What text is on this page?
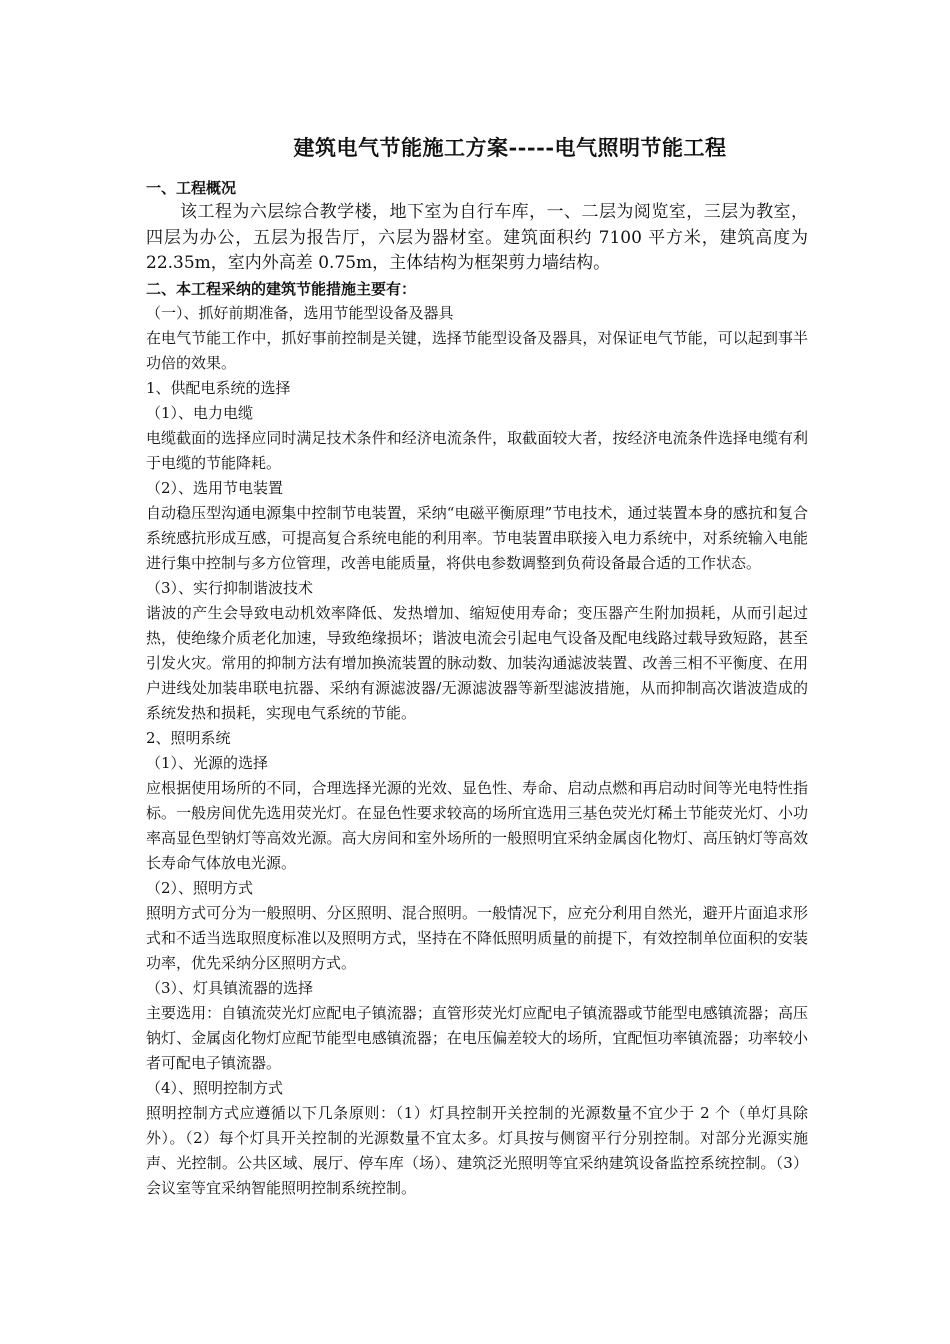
建筑电气节能施工方案-----电气照明节能工程

一、工程概况

该工程为六层综合教学楼，地下室为自行车库，一、二层为阅览室，三层为教室，四层为办公，五层为报告厅，六层为器材室。建筑面积约 7100 平方米，建筑高度为 22.35m，室内外高差 0.75m，主体结构为框架剪力墙结构。

二、本工程采纳的建筑节能措施主要有：

（一）、抓好前期准备，选用节能型设备及器具

在电气节能工作中，抓好事前控制是关键，选择节能型设备及器具，对保证电气节能，可以起到事半功倍的效果。

1、供配电系统的选择

（1）、电力电缆

电缆截面的选择应同时满足技术条件和经济电流条件，取截面较大者，按经济电流条件选择电缆有利于电缆的节能降耗。

（2）、选用节电装置

自动稳压型沟通电源集中控制节电装置，采纳“电磁平衡原理”节电技术，通过装置本身的感抗和复合系统感抗形成互感，可提高复合系统电能的利用率。节电装置串联接入电力系统中，对系统输入电能进行集中控制与多方位管理，改善电能质量，将供电参数调整到负荷设备最合适的工作状态。

（3）、实行抑制谐波技术

谐波的产生会导致电动机效率降低、发热增加、缩短使用寿命；变压器产生附加损耗，从而引起过热，使绝缘介质老化加速，导致绝缘损坏；谐波电流会引起电气设备及配电线路过载导致短路，甚至引发火灾。常用的抑制方法有增加换流装置的脉动数、加装沟通滤波装置、改善三相不平衡度、在用户进线处加装串联电抗器、采纳有源滤波器/无源滤波器等新型滤波措施，从而抑制高次谐波造成的系统发热和损耗，实现电气系统的节能。

2、照明系统

（1）、光源的选择

应根据使用场所的不同，合理选择光源的光效、显色性、寿命、启动点燃和再启动时间等光电特性指标。一般房间优先选用荧光灯。在显色性要求较高的场所宜选用三基色荧光灯稀土节能荧光灯、小功率高显色型钠灯等高效光源。高大房间和室外场所的一般照明宜采纳金属卤化物灯、高压钠灯等高效长寿命气体放电光源。

（2）、照明方式

照明方式可分为一般照明、分区照明、混合照明。一般情况下，应充分利用自然光，避开片面追求形式和不适当选取照度标准以及照明方式，坚持在不降低照明质量的前提下，有效控制单位面积的安装功率，优先采纳分区照明方式。

（3）、灯具镇流器的选择

主要选用：自镇流荧光灯应配电子镇流器；直管形荧光灯应配电子镇流器或节能型电感镇流器；高压钠灯、金属卤化物灯应配节能型电感镇流器；在电压偏差较大的场所，宜配恒功率镇流器；功率较小者可配电子镇流器。

（4）、照明控制方式

照明控制方式应遵循以下几条原则：（1）灯具控制开关控制的光源数量不宜少于 2 个（单灯具除外）。（2）每个灯具开关控制的光源数量不宜太多。灯具按与侧窗平行分别控制。对部分光源实施声、光控制。公共区域、展厅、停车库（场）、建筑泛光照明等宜采纳建筑设备监控系统控制。（3）会议室等宜采纳智能照明控制系统控制。
